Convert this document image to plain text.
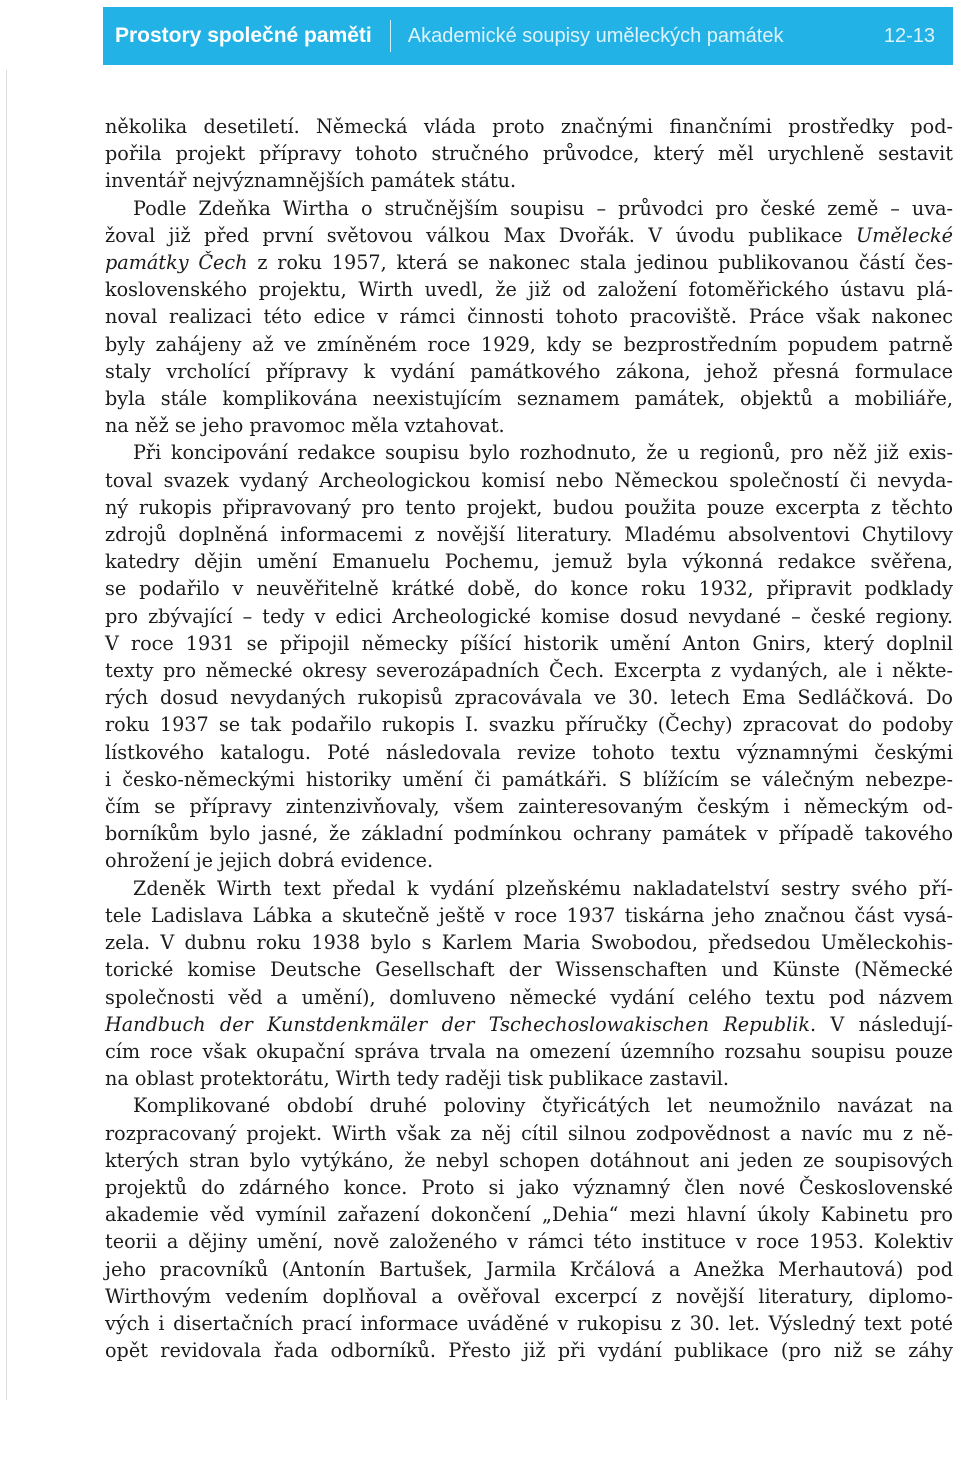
Prostory společné paměti Akademické soupisy uměleckých památek	12-13
několika desetiletí. Německá vláda proto značnými finančními prostředky pod-
pořila projekt přípravy tohoto stručného průvodce, který měl urychleně sestavit
inventář nejvýznamnějších památek státu.
Podle Zdeňka Wirtha o stručnějším soupisu – průvodci pro české země – uva-
žoval již před první světovou válkou Max Dvořák. V úvodu publikace Umělecké
památky Čech z roku 1957, která se nakonec stala jedinou publikovanou částí čes-
koslovenského projektu, Wirth uvedl, že již od založení fotoměřického ústavu plá-
noval realizaci této edice v rámci činnosti tohoto pracoviště. Práce však nakonec
byly zahájeny až ve zmíněném roce 1929, kdy se bezprostředním popudem patrně
staly vrcholící přípravy k vydání památkového zákona, jehož přesná formulace
byla stále komplikována neexistujícím seznamem památek, objektů a mobiliáře,
na něž se jeho pravomoc měla vztahovat.
Při koncipování redakce soupisu bylo rozhodnuto, že u regionů, pro něž již exis-
toval svazek vydaný Archeologickou komisí nebo Německou společností či nevyda-
ný rukopis připravovaný pro tento projekt, budou použita pouze excerpta z těchto
zdrojů doplněná informacemi z novější literatury. Mladému absolventovi Chytilovy
katedry dějin umění Emanuelu Pochemu, jemuž byla výkonná redakce svěřena,
se podařilo v neuvěřitelně krátké době, do konce roku 1932, připravit podklady
pro zbývající – tedy v edici Archeologické komise dosud nevydané – české regiony.
V roce 1931 se připojil německy píšící historik umění Anton Gnirs, který doplnil
texty pro německé okresy severozápadních Čech. Excerpta z vydaných, ale i někte-
rých dosud nevydaných rukopisů zpracovávala ve 30. letech Ema Sedláčková. Do
roku 1937 se tak podařilo rukopis I. svazku příručky (Čechy) zpracovat do podoby
lístkového katalogu. Poté následovala revize tohoto textu významnými českými
i česko-německými historiky umění či památkáři. S blížícím se válečným nebezpe-
čím se přípravy zintenzivňovaly, všem zainteresovaným českým i německým od-
borníkům bylo jasné, že základní podmínkou ochrany památek v případě takového
ohrožení je jejich dobrá evidence.
Zdeněk Wirth text předal k vydání plzeňskému nakladatelství sestry svého pří-
tele Ladislava Lábka a skutečně ještě v roce 1937 tiskárna jeho značnou část vysá-
zela. V dubnu roku 1938 bylo s Karlem Maria Swobodou, předsedou Uměleckohis-
torické komise Deutsche Gesellschaft der Wissenschaften und Künste (Německé
společnosti věd a umění), domluveno německé vydání celého textu pod názvem
Handbuch der Kunstdenkmäler der Tschechoslowakischen Republik. V následují-
cím roce však okupační správa trvala na omezení územního rozsahu soupisu pouze
na oblast protektorátu, Wirth tedy raději tisk publikace zastavil.
Komplikované období druhé poloviny čtyřicátých let neumožnilo navázat na
rozpracovaný projekt. Wirth však za něj cítil silnou zodpovědnost a navíc mu z ně-
kterých stran bylo vytýkáno, že nebyl schopen dotáhnout ani jeden ze soupisových
projektů do zdárného konce. Proto si jako významný člen nové Československé
akademie věd vymínil zařazení dokončení „Dehia“ mezi hlavní úkoly Kabinetu pro
teorii a dějiny umění, nově založeného v rámci této instituce v roce 1953. Kolektiv
jeho pracovníků (Antonín Bartušek, Jarmila Krčálová a Anežka Merhautová) pod
Wirthovým vedením doplňoval a ověřoval excerpcí z novější literatury, diplomo-
vých i disertačních prací informace uváděné v rukopisu z 30. let. Výsledný text poté
opět revidovala řada odborníků. Přesto již při vydání publikace (pro niž se záhy
